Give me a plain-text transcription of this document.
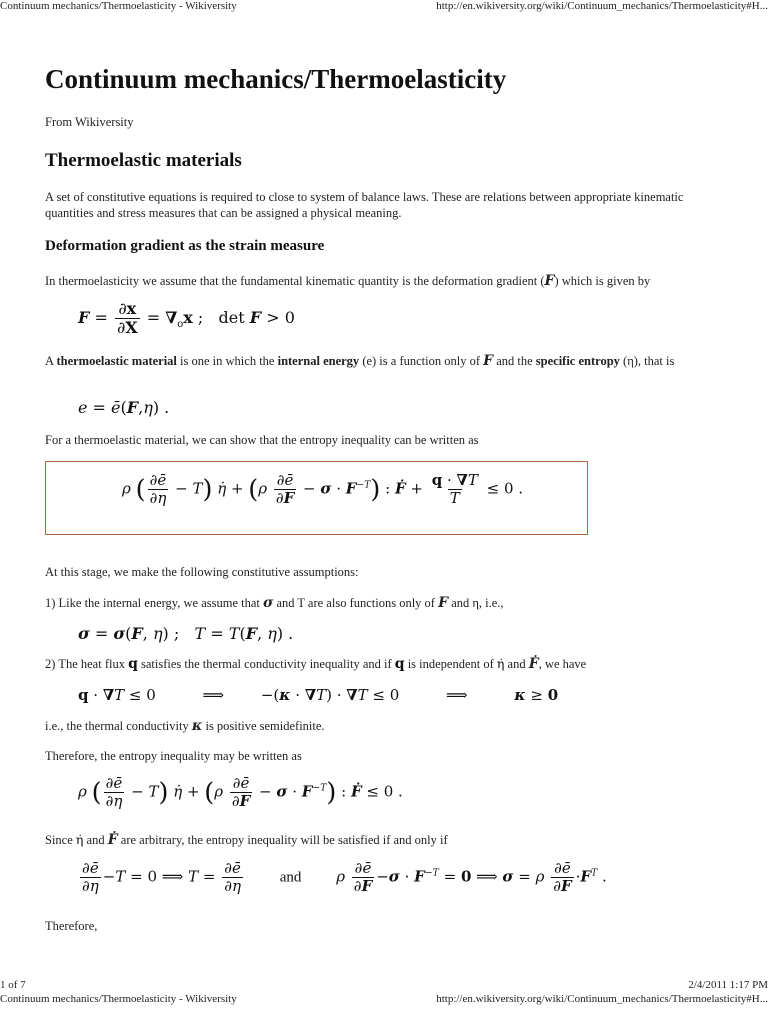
Continuum mechanics/Thermoelasticity - Wikiversity	http://en.wikiversity.org/wiki/Continuum_mechanics/Thermoelasticity#H...
Continuum mechanics/Thermoelasticity
From Wikiversity
Thermoelastic materials
A set of constitutive equations is required to close to system of balance laws. These are relations between appropriate kinematic quantities and stress measures that can be assigned a physical meaning.
Deformation gradient as the strain measure
In thermoelasticity we assume that the fundamental kinematic quantity is the deformation gradient (F) which is given by
$F = \frac{\partial x}{\partial X} = \nabla_ox$ ;   det F > 0
A thermoelastic material is one in which the internal energy (e) is a function only of F and the specific entropy (η), that is
e = ē(F,η) .
For a thermoelastic material, we can show that the entropy inequality can be written as
ρ ( $\frac{\partial ē}{\partial\eta} - T$) η̇ + $(\rho \frac{\partial ē}{\partial F} - \sigma \cdot F^{-T})$ : Ḟ + $\frac{q \cdot \nabla T}{T} \le 0$ .
At this stage, we make the following constitutive assumptions:
1) Like the internal energy, we assume that σ and T are also functions only of F and η, i.e.,
σ = σ(F, η) ;   T = T(F, η) .
2) The heat flux q satisfies the thermal conductivity inequality and if q is independent of η̇ and Ḟ, we have
q · ∇T ≤ 0	⟹ −(κ · ∇T) · ∇T ≤ 0	⟹	κ ≥ 0
i.e., the thermal conductivity κ is positive semidefinite.
Therefore, the entropy inequality may be written as
ρ ( $\frac{\partial ē}{\partial\eta} - T$) η̇ + $(\rho \frac{\partial ē}{\partial F} - \sigma \cdot F^{-T})$ : Ḟ ≤ 0 .
Since η̇ and Ḟ are arbitrary, the entropy inequality will be satisfied if and only if
$\frac{\partial ē}{\partial\eta} -T = 0$ ⟹ $T = \frac{\partial ē}{\partial\eta}$ and ρ $\frac{\partial ē}{\partial F} -\sigma \cdot F^{-T} = 0$ ⟹ σ = ρ $\frac{\partial ē}{\partial F} \cdot F^T$ .
Therefore,
1 of 7	2/4/2011 1:17 PM
Continuum mechanics/Thermoelasticity - Wikiversity	http://en.wikiversity.org/wiki/Continuum_mechanics/Thermoelasticity#H...
